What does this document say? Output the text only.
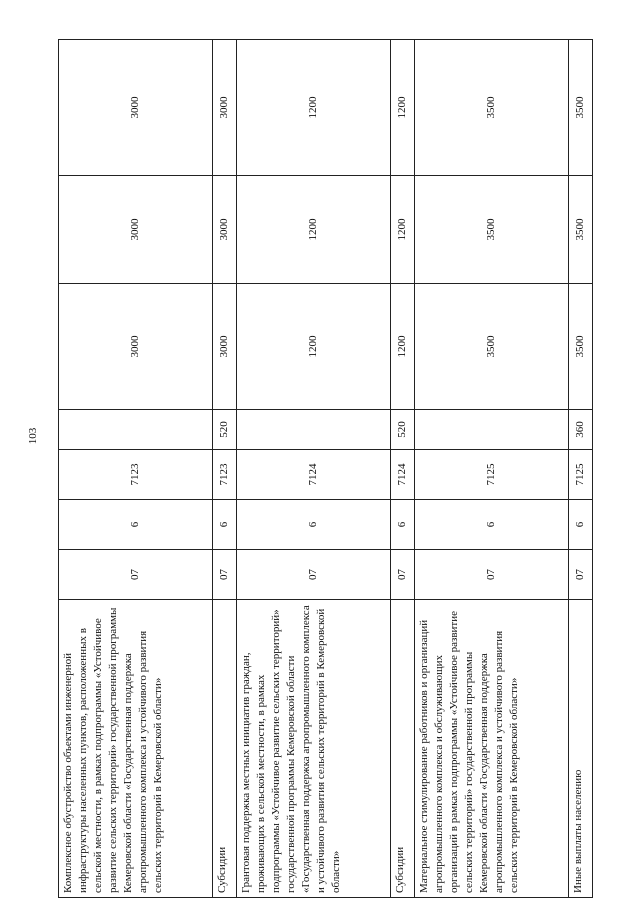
103
Комплексное обустройство объектами инженерной инфраструктуры населенных пунктов, расположенных в сельской местности, в рамках подпрограммы «Устойчивое развитие сельских территорий» государственной программы Кемеровской области «Государственная поддержка агропромышленного комплекса и устойчивого развития сельских территорий в Кемеровской области»	07	6	7123		3000	3000	3000
Субсидии	07	6	7123	520	3000	3000	3000
Грантовая поддержка местных инициатив граждан, проживающих в сельской местности, в рамках подпрограммы «Устойчивое развитие сельских территорий» государственной программы Кемеровской области «Государственная поддержка агропромышленного комплекса и устойчивого развития сельских территорий в Кемеровской области»	07	6	7124		1200	1200	1200
Субсидии	07	6	7124	520	1200	1200	1200
Материальное стимулирование работников и организаций агропромышленного комплекса и обслуживающих организаций в рамках подпрограммы «Устойчивое развитие сельских территорий» государственной программы Кемеровской области «Государственная поддержка агропромышленного комплекса и устойчивого развития сельских территорий в Кемеровской области»	07	6	7125		3500	3500	3500
Иные выплаты населению	07	6	7125	360	3500	3500	3500
